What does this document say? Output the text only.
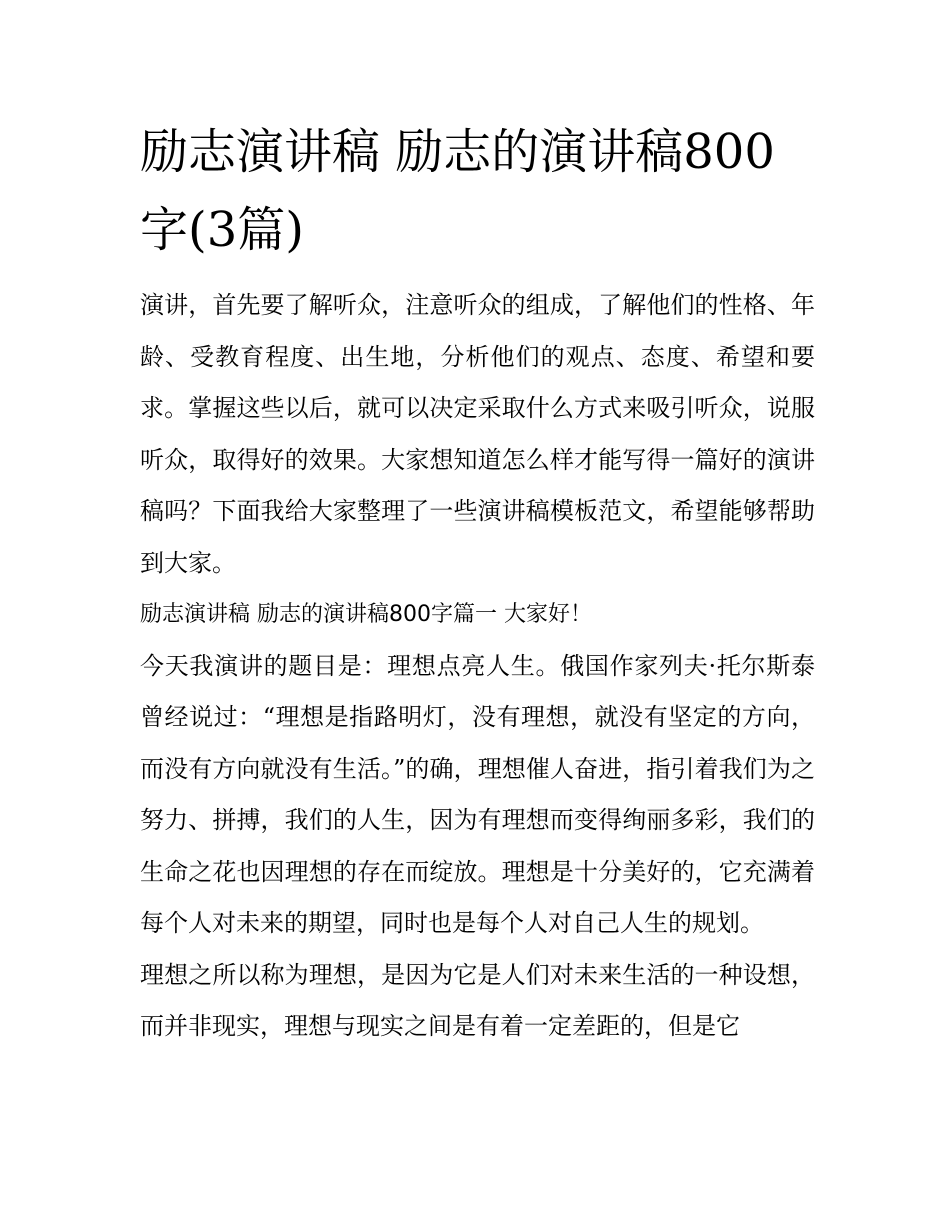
励志演讲稿 励志的演讲稿800字(3篇)

演讲，首先要了解听众，注意听众的组成，了解他们的性格、年龄、受教育程度、出生地，分析他们的观点、态度、希望和要求。掌握这些以后，就可以决定采取什么方式来吸引听众，说服听众，取得好的效果。大家想知道怎么样才能写得一篇好的演讲稿吗？下面我给大家整理了一些演讲稿模板范文，希望能够帮助到大家。

励志演讲稿 励志的演讲稿800字篇一 大家好！

今天我演讲的题目是：理想点亮人生。俄国作家列夫·托尔斯泰曾经说过：“理想是指路明灯，没有理想，就没有坚定的方向，而没有方向就没有生活。”的确，理想催人奋进，指引着我们为之努力、拼搏，我们的人生，因为有理想而变得绚丽多彩，我们的生命之花也因理想的存在而绽放。理想是十分美好的，它充满着每个人对未来的期望，同时也是每个人对自己人生的规划。

理想之所以称为理想，是因为它是人们对未来生活的一种设想，而并非现实，理想与现实之间是有着一定差距的，但是它
